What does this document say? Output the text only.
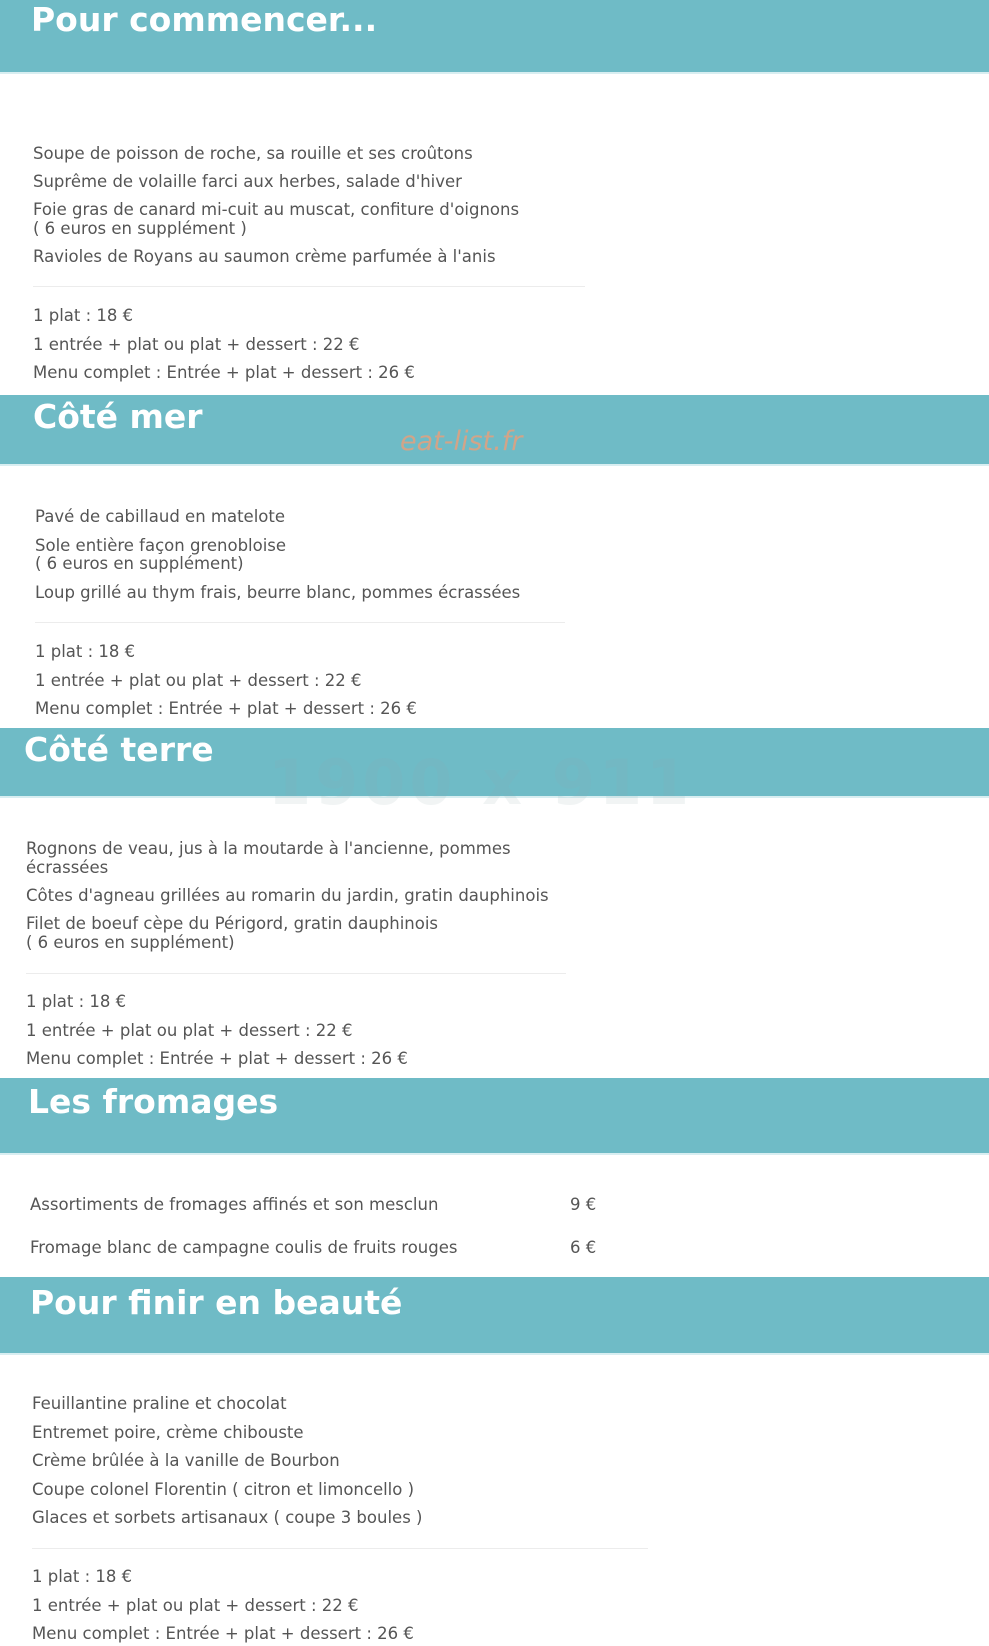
Pour commencer...

Soupe de poisson de roche, sa rouille et ses croûtons

Suprême de volaille farci aux herbes, salade d'hiver

Foie gras de canard mi-cuit au muscat, confiture d'oignons

( 6 euros en supplément )

Ravioles de Royans au saumon crème parfumée à l'anis

1 plat : 18 €

1 entrée + plat ou plat + dessert : 22 €

Menu complet : Entrée + plat + dessert : 26 €

Côté mer
eat-list.fr

Pavé de cabillaud en matelote

Sole entière façon grenobloise

( 6 euros en supplément)

Loup grillé au thym frais, beurre blanc, pommes écrassées

1 plat : 18 €

1 entrée + plat ou plat + dessert : 22 €

Menu complet : Entrée + plat + dessert : 26 €

Côté terre 1900 x 911

Rognons de veau, jus à la moutarde à l'ancienne, pommes

écrassées

Côtes d'agneau grillées au romarin du jardin, gratin dauphinois

Filet de boeuf cèpe du Périgord, gratin dauphinois

( 6 euros en supplément)

1 plat : 18 €

1 entrée + plat ou plat + dessert : 22 €

Menu complet : Entrée + plat + dessert : 26 €

Les fromages

Assortiments de fromages affinés et son mesclun	9 €

Fromage blanc de campagne coulis de fruits rouges	6 €
Pour finir en beauté

Feuillantine praline et chocolat

Entremet poire, crème chibouste

Crème brûlée à la vanille de Bourbon

Coupe colonel Florentin ( citron et limoncello )

Glaces et sorbets artisanaux ( coupe 3 boules )

1 plat : 18 €

1 entrée + plat ou plat + dessert : 22 €

Menu complet : Entrée + plat + dessert : 26 €
